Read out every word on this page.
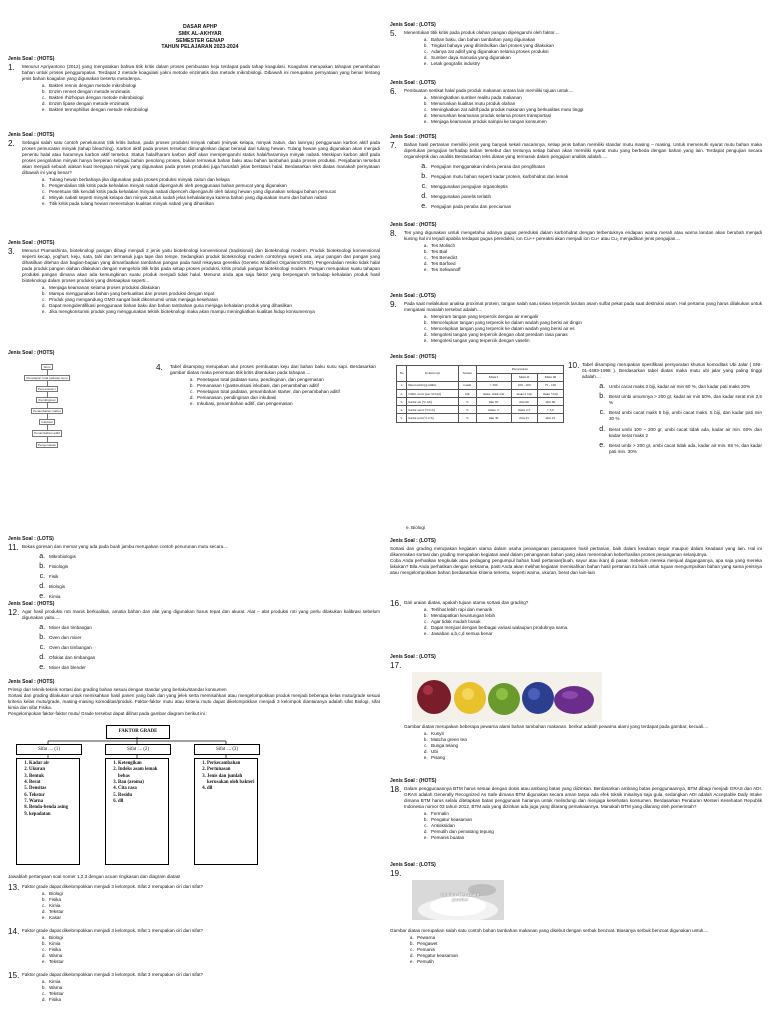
DASAR APHP
SMK AL-AKHYAR
SEMESTER GENAP
TAHUN PELAJARAN 2023-2024
Jenis Soal : (HOTS)
1.	Menurut Apriyantono (2012) yang menyatakan bahwa titik kritis dalam proses pembuatan keju terdapat pada tahap koagulasi. Koagulasi merupakan tahapan penambahan bahan untuk proses penggumpalan. Terdapat 2 metode koagulasi yakni metode enzimatis dan metode mikrobiologi. Dibawah ini merupakan pernyataan yang benar tentang jenis bahan koagulan yang digunakan beserta metodenya..
a. Bakteri rennin dengan metode mikrobiologi
b. Enzim rennet dengan metode enzimatis
c. Bakteri rhizhopus dengan metode mikrobiologi
d. Enzim lipase dengan metode enzimatis
e. Bakteri termophillus dengan metode mikrobiologi
Jenis Soal : (HOTS)
2.	Sebagai salah satu contoh penelusuran titik kritis bahan, pada proses produksi minyak nabati (minyak kelapa, minyak zaitun, dan lainnya) penggunaan karbon aktif pada proses pemucatan minyak (tahap bleaching). Karbon aktif pada proses tersebut dimungkinkan dapat berasal dari tulang hewan. Tulang hewan yang digunakan akan menjadi penentu halal atau haramnya karbon aktif tersebut. Status halal/haram karbon aktif akan mempengaruhi status halal/haramnya minyak nabati. Meskipun karbon aktif pada proses pengolahan minyak hanya berperan sebagai bahan penolong proses, bukan termasuk bahan baku atau bahan tambahan pada proses produksi. Penjabaran tersebut akan menjadi sebuah alasan kuat mengapa minyak yang digunakan pada proses produksi juga haruslah jelas berstatus halal. Berdasarkan teks diatas manakah pernyataan dibawah ini yang benar?
a. Tulang hewan berbahaya jika digunakan pada proses produksi minyak zaitun dan kelapa
b. Pengendalian titik kritis pada kehalalan minyak nabati dipengaruhi oleh penggunaan bahan pemucat yang digunakan
c. Penentuan titik kendali kritis pada kehalalan minyak nabati dipenceh dipengaruhi oleh tulang hewan yang digunakan sebagai bahan pemucat
d. Minyak nabati seperti minyak kelapa dan minyak zaitun sudah jelas kehalalannya karena bahan yang digunakan murni dari bahan nabati
e. Titik kritis pada tulang hewan menentukan kualitas minyak nabati yang dihasilkan
Jenis Soal : (HOTS)
3.	Menurut Pramashinta, bioteknologi pangan dibagi menjadi 2 jenis yaitu bioteknologi konvensional (tradisional) dan bioteknologi modern. Produk bioteknologi konvensional seperti kecap, yoghurt, keju, nata, tahi dan termasuk juga tape dan tempe. Sedangkan produk bioteknologi modern contohnya seperti usa, anjur pangan dan pangan yang dihasilkan ditehan dan bagian-bagian yang dimanfaatkan tambahan pangan pada hasil rekayasa genetika (Genetic Modified Organism/GMO). Pengendalian resiko tidak halal pada produk pangan olahan dilakukan dengan mengelola titik kritis pada setiap proses produksi, kritis produk pangan bioteknologi modern. Pangan merupakan suatu tahapan produksi pangan dimana akan ada kemungkinan suatu produk menjadi tidak halal. Menurut anda apa saja faktor yang berpengaruh terhadap kehalalan produk hasil bioteknologi dalam proses produksi yang ditetaapkan seperti...
a. Menjaga keamanan selama proses produksi dilakukan
b. Mampu menggunakan bahan yang berkualitas dan proses produksi dengan tepat
c. Produk yang mengandung GMO sangat baik dikonsumsi untuk menjaga kesehatan
d. Dapat mengidentifikasi penggunaan bahan baku dan bahan tambahan guna menjaga kehalalan produk yang dihasilkan
e. Jika mengkonsumsi produk yang menggunakan teknik bioteknologi maka akan mampu meningkatkan kualitas hidup konsumennya
Jenis Soal : (HOTS)
Susu
Penetapan total padatan susu
Pemanasan I
Pendinginan
Penambahan starter
Inkubasi
Penambahan aditif
Pengemasan
4.	Tabel disamping merupakan alur proses pembuatan keju dari bahan baku susu sapi. Berdasarkan gambar diatas maka penentuan titik kritis ditentukan pada tahapan....
a. Penetapan total padatan susu, pendinginan, dan pengemasan
b. Pemanasan I (pasteurisasi inkubasi, dan penambahan aditif
c. Penetapan total padatan, penambahan starter, dan penambahan aditif
d. Pemanasan, pendinginan dan inkubasi
e. Inkubasi, penambahan aditif, dan pengemasan
Jenis Soal : (LOTS)
11. Bekas goresan dan memar yang ada pada buah jambu merupakan contoh penurunan mutu secara....
a. Mikrobiologis
b. Fisiologis
c. Fisik
d. Biologis
e. Kimia
Jenis Soal : (HOTS)
12. Agar hasil produksi roti manis berkualitas, amatia bahan dan alat yang digunakan harus tepat dan akurat. Alat – alat produksi roti yang perlu dilakukan kalibrasi sebelum digunakan yaitu.....
a. Mixer dan timbangan
b. Oven dan mixer
c. Oven dan timbangan
d. Ofokiat dan timbangan
e. Mixer dan blender
Jenis Soal : (HOTS)
Prinsip dan teknik-teknik sortasi dan grading bahan sesuai dengan standar yang berlaku/standar konsumen
Sortasi dan grading dilakukan untuk memisahkan hasil panen yang baik dan yang jelek serta memisahkan atau mengelompokkan produk menjadi beberapa kelas mutu/grade sesuai kriteria kelas mutu/grade, masing-masing komoditas/produk. Faktor-faktor mutu atau kriteria mutu dapat dikelompokkan menjadi 3 kelompok diantaranya adalah sifat Biologi, sifat kimia dan sifat Fisika.
Pengelompokan faktor-faktor mutu/ Grade tersebut dapat dilihat pada gambar diagram berikut ini :
FAKTOR GRADE
Sifat .... (1)	Sifat .... (2)	Sifat .... (3)
1. Kadar air
2. Ukuran
3. Bentuk
4. Berat
5. Densitas
6. Tekstur
7. Warna
8. Benda-benda asing
9. kepadatan
1. Ketengikan
2. Indeks asam lemak bebas
3. Bau (aroma)
4. Cita rasa
5. Residu
6. dll
1. Perkecambahan
2. Pertunasan
3. Jenis dan jumlah kerusakan oleh bakteri
4. dll
Jawablah pertanyaan soal nomer 1,2,3 dengan acuan ringkasan dan diagram diatas!
13. Faktor grade dapat dikelompokkan menjadi 3 kelompok. Sifat 2 merupakan ciri dari sifat?
a. Biologi
b. Fisika
c. Kimia
d. Tekstur
e. Kasar
14. Faktor grade dapat dikelompokkan menjadi 3 kelompok. Sifat 1 merupakan ciri dari sifat?
a. Biologi
b. Kimia
c. Fisika
d. Warna
e. Tekstur
15. Faktor grade dapat dikelompokkan menjadi 3 kelompok. Sifat 3 merupakan ciri dari sifat?
a. Kimia
b. Warna
c. Tekstur
d. Fisika
Jenis Soal : (LOTS)
5.	Menentukan titik kritis pada produk olahan pangan dipengaruhi oleh faktor....
a. Bahan baku, dan bahan tambahan yang digunakan
b. Tingkat bahaya yang ditimbulkan dari proses yang dilakukan
c. Adanya zat aditif yang digunakan selama proses produksi
d. Sumber daya manusia yang digunakan
e. Letak geografis industry
Jenis Soal : (LOTS)
6.	Pembuatan sertikat halal pada produk makanan antara lain memiliki tujuan untuk....
a. Meningkatkan sumber realitu pada makanan
b. Menurunkan kualitas mutu produk olahan
c. Meningkatkan zat aditif pada produk makanan yang berkualitas mutu tinggi
d. Menurunkan keamanan produk selama proses transportasi
e. Menjaga keamanan produk sampai ke tangan konsumen
Jenis Soal : (HOTS)
7.	Bahan hasil pertanian memiliki jenis yang banyak sekali macamnya, setiap jenis bahan memiliki standar mutu masing – masing. Untuk memenuhi syarat mutu bahan maka diperlukan pengujian terhadap bahan tersebut dan tentunya setiap bahan akan memiliki syarat mutu yang berbeda dengan bahan yang lain. Terdapat pengujian secara organoleptik dan analitis Berdasarkan teks diatas yang termasuk dalam pengujian analitis adalah.....
a. Pengujian menggunakan indera perasa dan penglihatan
b. Pengujian mutu bahan seperti kadar protein, karbohidrat dan lemak
c. Menggunakan pengujian organoleptis
d. Menggunakan panelis terlatih
e. Pengujian pada peraba dan penciuman
Jenis Soal : (HOTS)
8.	Tes yang digunakan untuk mengetahui adanya gugus pereduksi dalam karbohidrat dengan terbentuknya endapan warna merah atau warna larutan akan berubah menjadi kuning hal ini terjadi apabila terdapat gugus pereduksi, ion Cu++ pereaksi akan menjadi ion Cu+ atau Cu₂ menjadikan jenis pengujian....
a. Tes Molisch
b. Tes Bial
c. Tes Benedict
d. Tes Barfoed
e. Tes Seliwanoff
Jenis Soal : (LOTS)
9.	Pada saat melakukan analisa proximat protein, tangan salah satu siswa terpercik larutan asam sulfat pekat pada saat destruksi asam. Hal pertama yang harus dilakukan untuk mengatasi masalah tersebut adalah....
a. Menyiram tangan yang terpercik dengan air mengalir
b. Mencelupkan tangan yang terpercik ke dalam wadah yang berisi air dingin
c. Mencelupkan tangan yang terpercik ke dalam wadah yang berisi air es
d. Mengolesi tangan yang terpercik dengan obat peredam rasa panas
e. Mengolesi tangan yang terpercik dengan vaselin
Jenis Soal : (HOTS)
No	Kriteria uji	Satuan	Persyaratan		
			Mutu I	Mutu II	Mutu III
1.	Berat umbi (g/umbi)	Gram	> 200	100 - 200	75 - 100
2.	Umbi cacat (per 50 biji)	biji	maks. tidak ada	maks 2 biji	maks 5 biji
3.	Kadar air (% b/b)	%	min 65	min 60	min 60
4.	Kadar serat (% b/b)	%	maks. 2	maks 2,5	> 3,0
5.	Kadar pati (% b/b)	%	min 30	min 25	min 25
10. Tabel disamping merupakan spesifikasi persyaratan khusus komoditas Ubi Jalar ( SNI-01-4493-1998 ). Berdasarkan tabel diatas maka mutu ubi jalar yang paling tinggi adalah....
a. Umbi cacat maks.3 biji, kadar air min 60 %, dan kadar pati maks 20%
b. Berat umbi umumnya > 200 gr, kadar air min 50%, dan kadar serat min 2,5 %
c. Berat umbi cacat maks 5 biji, umbi cacat maks. 5 biji, dan kadar pati min 30 %
d. Berat umbi 100 – 200 gr, umbi cacat tidak ada, kadar air min. 60% dan kadar serat maks 2
e. Berat umbi > 200 gr, umbi cacat tidak ada, kadar air min. 65 %, dan kadar pati min. 30%
e. Biologi
Jenis Soal : (LOTS)
Sortasi dan grading merupakan kegiatan utama dalam usaha penanganan pascapanen hasil pertanian, baik dalam keadaan segar maupun dalam keadaan yang lain. Hal ini dikarenakan sortasi dan grading merupakan kegiatan awal dalam penanganan bahan yang akan menentukan keberhasilan proses penanganan selanjutnya.
Coba Anda perhatikan tengkulak atau pedagang pengumpul bahan hasil pertanian(buah, sayur atau ikan) di pasar. Sebelum mereka menjual dagangannya, apa saja yang mereka lakukan? Bila Anda perhatikan dengan seksama, pasti Anda akan melihat kegiatan memisahkan bahan hasil pertanian itu baik untuk tujuan mengumpulkan bahan yang sama jenisnya atau mengelompokkan bahan berdasarkan kriteria tertentu, seperti warna, ukuran, berat dan lain-lain
16. Dari uraian diatas, apakah tujuan utama sortasi dan grading?
a. Terlihat lebih rapi dan menarik
b. Mendapatkan keuntungan lebih
c. Agar tidak mudah busuk
d. Dapat menjual dengan berbagai variasi walaupun produknya sama.
e. Jawaban a,b,c,d semua benar
Jenis Soal : (LOTS)
17.
Gambar diatas merupakan beberapa pewarna alami bahan tambahan makanan. berikut adalah pewarna alami yang terdapat pada gambar, kecuali....
a. Kunyit
b. Matcha green tea
c. Bunga telang
d. Ubi
e. Pisang
Jenis Soal : (HOTS)
18. Dalam penggunaannya BTM harus sesuai dengan dosis atau ambang batas yang diizinkan. Berdasarkan ambang batas penggunaannya, BTM dibagi menjadi GRAS dan ADI. GRAS adalah Generally Recognized As Safe dimana BTM digunakan secara aman tanpa ada efek toksik misalnya saja gula, sedangkan ADI adalah Acceptable Daily Intake dimana BTM harus selalu ditetapkan batas penggunaan harianya untuk melindungi dan menjaga kesehatan konsumen. Berdasarkan Peraturan Menteri Kesehatan Republik Indonesia nomor 03 tahun 2012, BTM ada yang dizinkan ada juga yang dilarang pemakaiannya. Manakah BTM yang dilarang oleh pemerintah?
a. Formalin
b. Pengatur keasaman
c. Antioksidan
d. Pemutih dan pematang tepung
e. Pemanis buatan
Jenis Soal : (LOTS)
19.
Sodium Benzoate powder
Gambar diatas merupakan salah satu contoh bahan tambahan makanan yang disebut dengan serbuk benzoat. Biasanya serbuk benzoat digunakan untuk....
a. Pewarna
b. Pengawet
c. Pemanis
d. Pengatur keasaman
e. Pemutih
